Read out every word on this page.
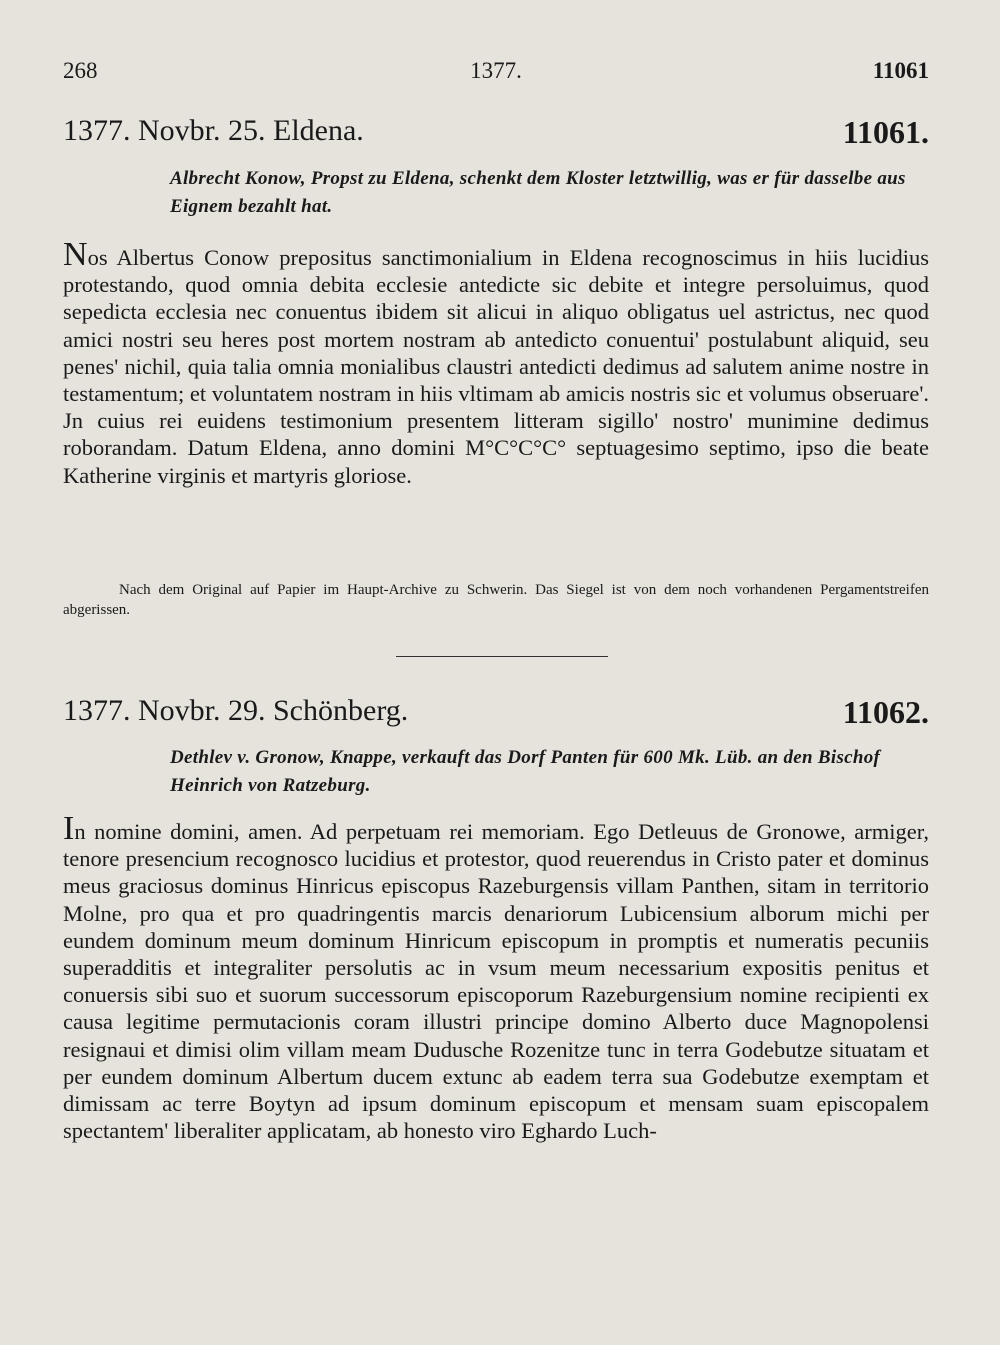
268	1377.	11061
1377. Novbr. 25. Eldena.	11061.
Albrecht Konow, Propst zu Eldena, schenkt dem Kloster letztwillig, was er für dasselbe aus Eignem bezahlt hat.
Nos Albertus Conow prepositus sanctimonialium in Eldena recognoscimus in hiis lucidius protestando, quod omnia debita ecclesie antedicte sic debite et integre persoluimus, quod sepedicta ecclesia nec conuentus ibidem sit alicui in aliquo obligatus uel astrictus, nec quod amici nostri seu heres post mortem nostram ab antedicto conuentui' postulabunt aliquid, seu penes' nichil, quia talia omnia monialibus claustri antedicti dedimus ad salutem anime nostre in testamentum; et voluntatem nostram in hiis vltimam ab amicis nostris sic et volumus obseruare'. Jn cuius rei euidens testimonium presentem litteram sigillo' nostro' munimine dedimus roborandam. Datum Eldena, anno domini M°C°C°C° septuagesimo septimo, ipso die beate Katherine virginis et martyris gloriose.
Nach dem Original auf Papier im Haupt-Archive zu Schwerin. Das Siegel ist von dem noch vorhandenen Pergamentstreifen abgerissen.
1377. Novbr. 29. Schönberg.	11062.
Dethlev v. Gronow, Knappe, verkauft das Dorf Panten für 600 Mk. Lüb. an den Bischof Heinrich von Ratzeburg.
In nomine domini, amen. Ad perpetuam rei memoriam. Ego Detleuus de Gronowe, armiger, tenore presencium recognosco lucidius et protestor, quod reuerendus in Cristo pater et dominus meus graciosus dominus Hinricus episcopus Razeburgensis villam Panthen, sitam in territorio Molne, pro qua et pro quadringentis marcis denariorum Lubicensium alborum michi per eundem dominum meum dominum Hinricum episcopum in promptis et numeratis pecuniis superadditis et integraliter persolutis ac in vsum meum necessarium expositis penitus et conuersis sibi suo et suorum successorum episcoporum Razeburgensium nomine recipienti ex causa legitime permutacionis coram illustri principe domino Alberto duce Magnopolensi resignaui et dimisi olim villam meam Dudusche Rozenitze tunc in terra Godebutze situatam et per eundem dominum Albertum ducem extunc ab eadem terra sua Godebutze exemptam et dimissam ac terre Boytyn ad ipsum dominum episcopum et mensam suam episcopalem spectantem' liberaliter applicatam, ab honesto viro Eghardo Luch-
